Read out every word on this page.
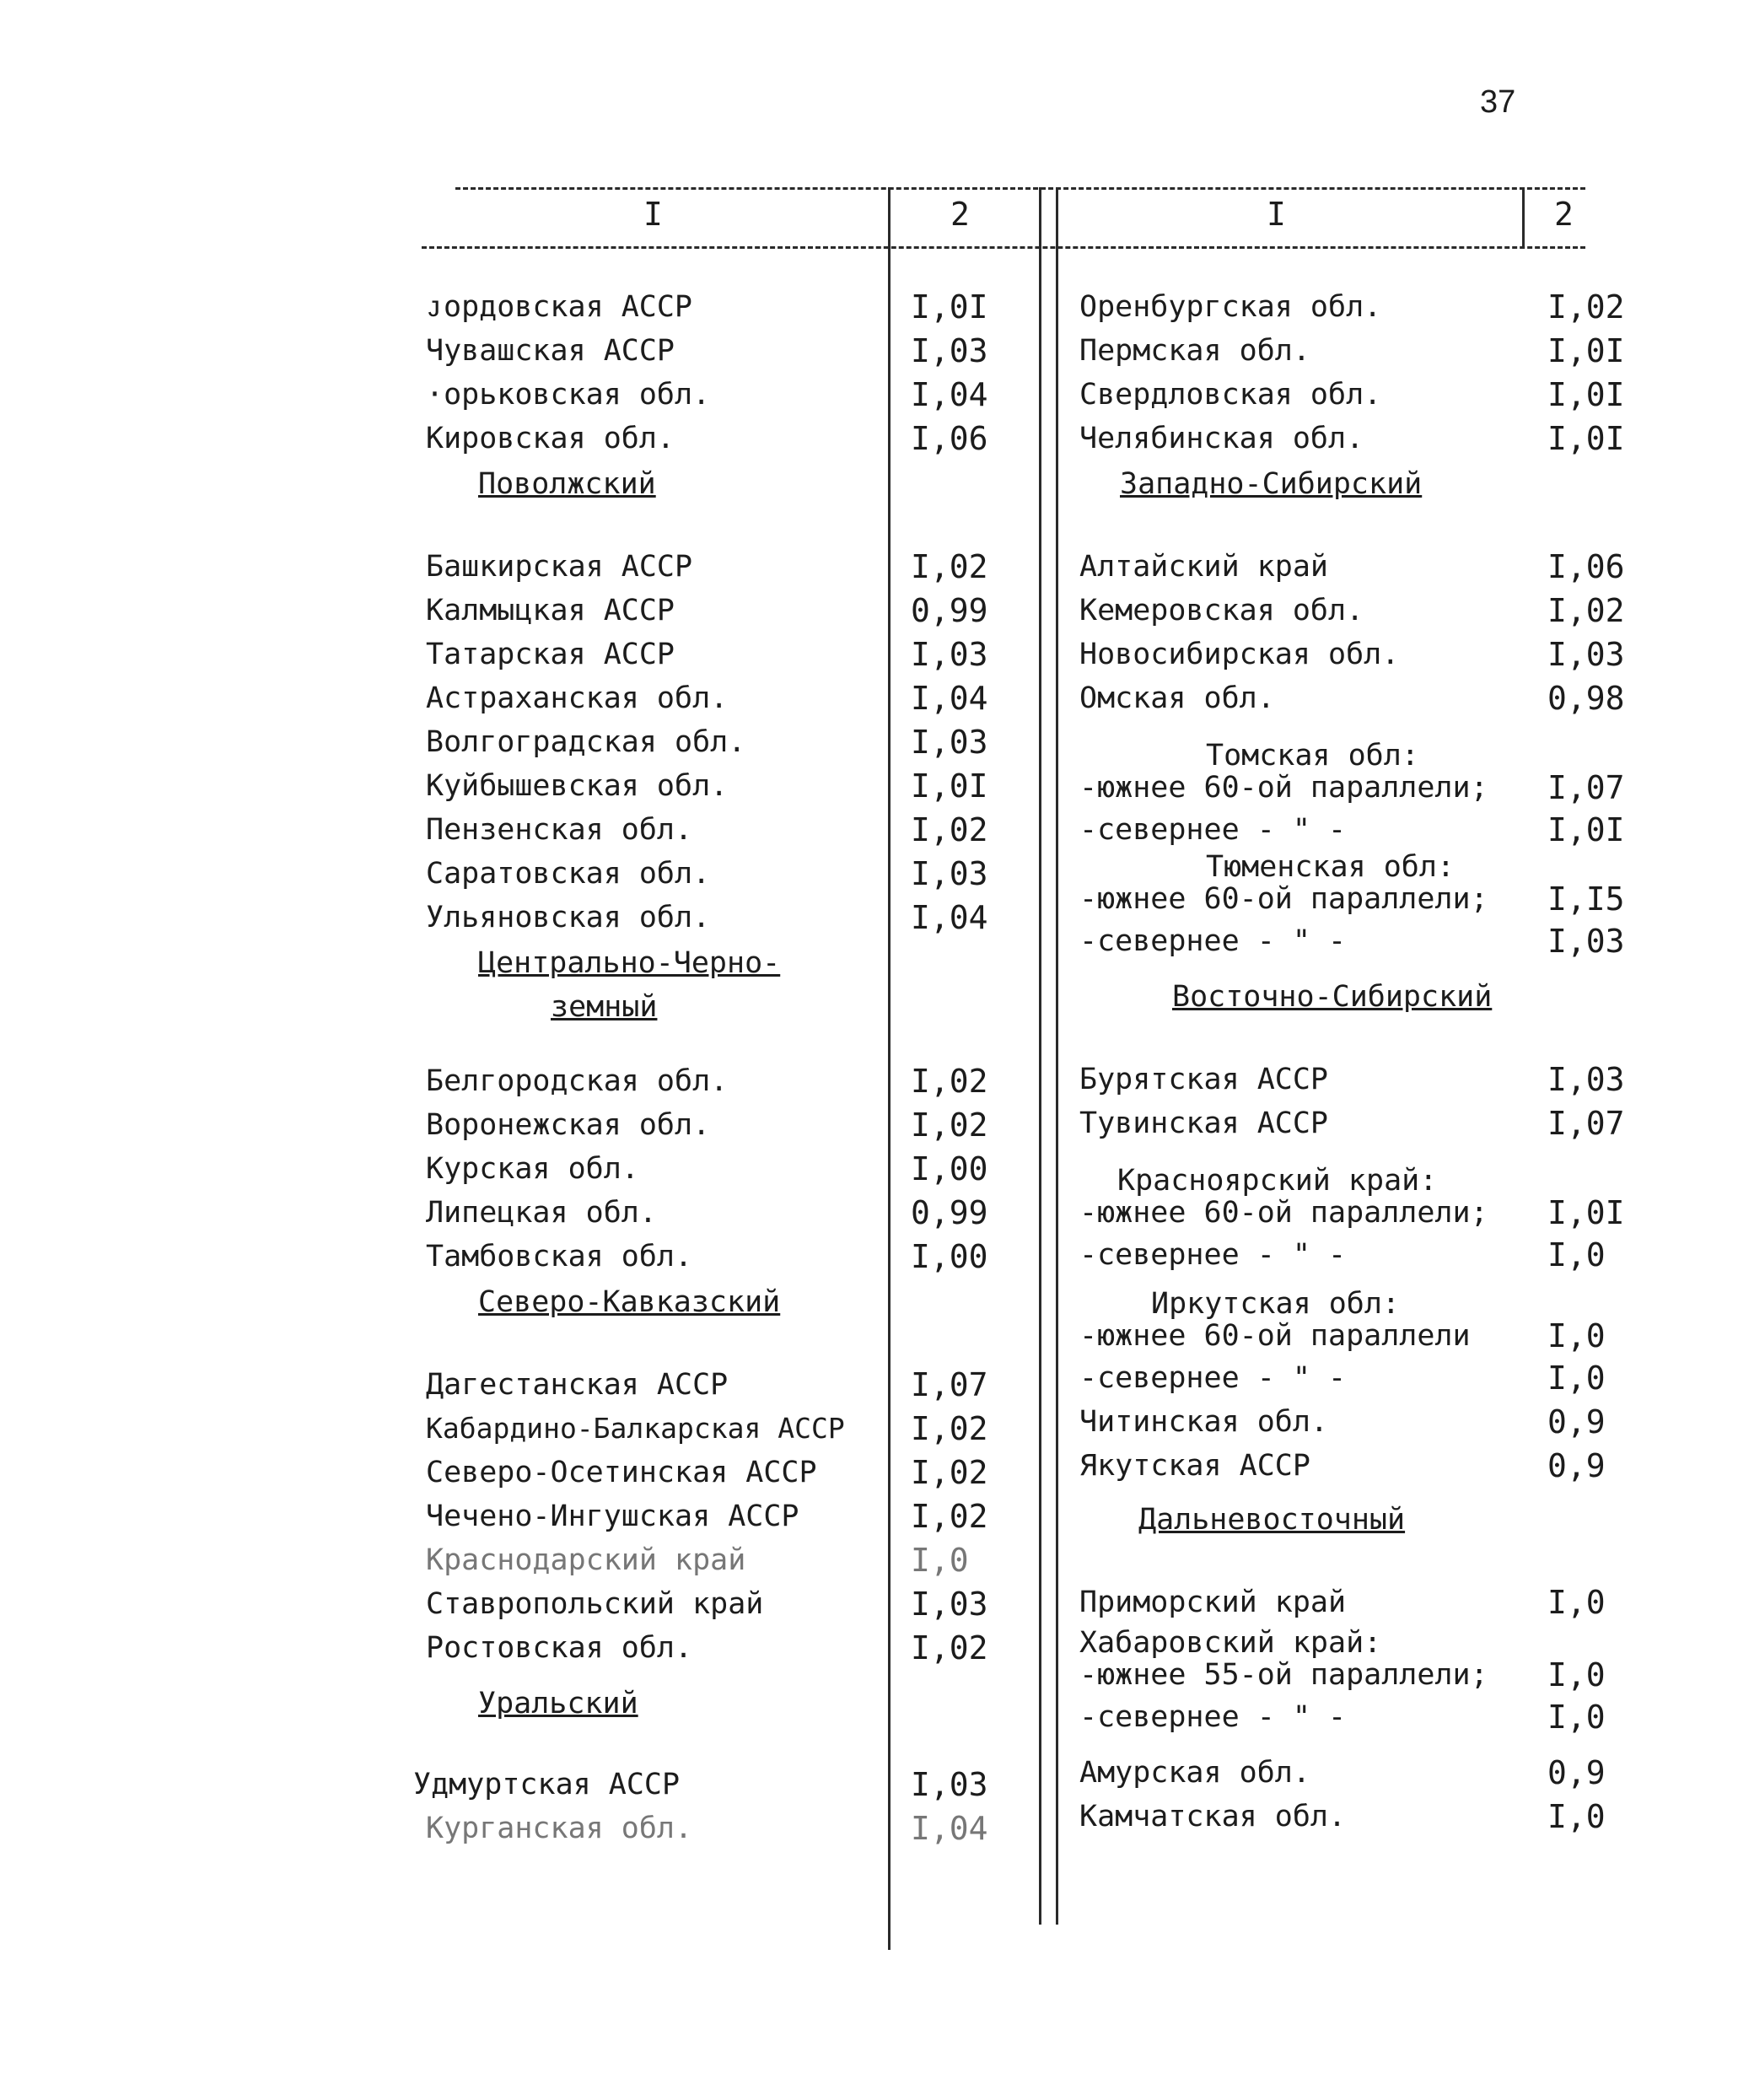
37
I	2	I	2
ᴊордовская АССР	I,0I
Чувашская АССР	I,03
·орьковская обл.	I,04
Кировская обл.	I,06
Поволжский
Башкирская АССР	I,02
Калмыцкая АССР	0,99
Татарская АССР	I,03
Астраханская обл.	I,04
Волгоградская обл.	I,03
Куйбышевская обл.	I,0I
Пензенская обл.	I,02
Саратовская обл.	I,03
Ульяновская обл.	I,04
Центрально-Черно-
земный
Белгородская обл.	I,02
Воронежская обл.	I,02
Курская обл.	I,00
Липецкая обл.	0,99
Тамбовская обл.	I,00
Северо-Кавказский
Дагестанская АССР	I,07
Кабардино-Балкарская АССР I,02
Северо-Осетинская АССР	I,02
Чечено-Ингушская АССР	I,02
Краснодарский край	I,0
Ставропольский край	I,03
Ростовская обл.	I,02
Уральский
Удмуртская АССР	I,03
Курганская обл.	I,04
Оренбургская обл.	I,02
Пермская обл.	I,0I
Свердловская обл.	I,0I
Челябинская обл.	I,0I
Западно-Сибирский
Алтайский край	I,06
Кемеровская обл.	I,02
Новосибирская обл.	I,03
Омская обл.	0,98
Томская обл:
-южнее 60-ой параллели; I,07
-севернее - " -	I,0I
Тюменская обл:
-южнее 60-ой параллели; I,I5
-севернее - " -	I,03
Восточно-Сибирский
Бурятская АССР	I,03
Тувинская АССР	I,07
Красноярский край:
-южнее 60-ой параллели; I,0I
-севернее - " -	I,0
Иркутская обл:
-южнее 60-ой параллели I,0
-севернее - " -	I,0
Читинская обл.	0,9
Якутская АССР	0,9
Дальневосточный
Приморский край	I,0
Хабаровский край:
-южнее 55-ой параллели; I,0
-севернее - " -	I,0
Амурская обл.	0,9
Камчатская обл.	I,0
